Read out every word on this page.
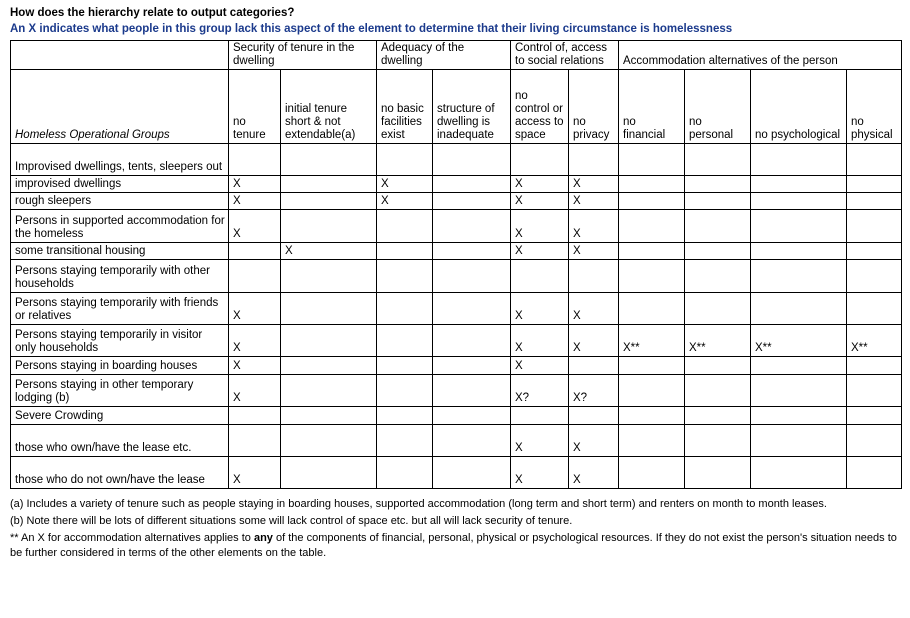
How does the hierarchy relate to output categories?
An X indicates what people in this group lack this aspect of the element to determine that their living circumstance is homelessness
	Security of tenure in the dwelling		Adequacy of the dwelling		Control of, access to social relations		Accommodation alternatives of the person			
Homeless Operational Groups	no tenure	initial tenure short & not extendable(a)	no basic facilities exist	structure of dwelling is inadequate	no control or access to space	no privacy	no financial	no personal	no psychological	no physical
Improvised dwellings, tents, sleepers out										
improvised dwellings	X		X		X	X				
rough sleepers	X		X		X	X				
Persons in supported accommodation for the homeless	X				X	X				
some transitional housing		X			X	X				
Persons staying temporarily with other households										
Persons staying temporarily with friends or relatives	X				X	X				
Persons staying temporarily in visitor only households	X				X	X	X**	X**	X**	X**
Persons staying in boarding houses	X				X					
Persons staying in other temporary lodging (b)	X				X?	X?				
Severe Crowding										
those who own/have the lease etc.					X	X				
those who do not own/have the lease	X				X	X				

(a) Includes a variety of tenure such as people staying in boarding houses, supported accommodation (long term and short term) and renters on month to month leases.

(b) Note there will be lots of different situations some will lack control of space etc. but all will lack security of tenure.

** An X for accommodation alternatives applies to any of the components of financial, personal, physical or psychological resources. If they do not exist the person's situation needs to be further considered in terms of the other elements on the table.
